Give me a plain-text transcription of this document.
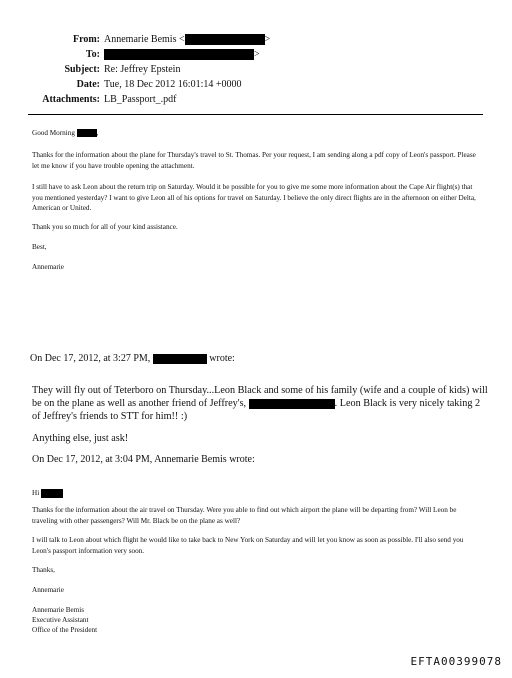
From: Annemarie Bemis <	>
To:	>
Subject: Re: Jeffrey Epstein
Date: Tue, 18 Dec 2012 16:01:14 +0000
Attachments: LB_Passport_.pdf
Good Morning	,
Thanks for the information about the plane for Thursday's travel to St. Thomas. Per your request, I am sending along a pdf copy of Leon's passport. Please let me know if you have trouble opening the attachment.
I still have to ask Leon about the return trip on Saturday. Would it be possible for you to give me some more information about the Cape Air flight(s) that you mentioned yesterday? I want to give Leon all of his options for travel on Saturday. I believe the only direct flights are in the afternoon on either Delta, American or United.
Thank you so much for all of your kind assistance.
Best,
Annemarie
On Dec 17, 2012, at 3:27 PM,	wrote:
They will fly out of Teterboro on Thursday...Leon Black and some of his family (wife and a couple of kids) will
be on the plane as well as another friend of Jeffrey's,	. Leon Black is very nicely taking 2
of Jeffrey's friends to STT for him!! :)
Anything else, just ask!
On Dec 17, 2012, at 3:04 PM, Annemarie Bemis wrote:
Hi
Thanks for the information about the air travel on Thursday. Were you able to find out which airport the plane will be departing from? Will Leon be traveling with other passengers? Will Mr. Black be on the plane as well?
I will talk to Leon about which flight he would like to take back to New York on Saturday and will let you know as soon as possible. I'll also send you Leon's passport information very soon.
Thanks,
Annemarie
Annemarie Bemis
Executive Assistant
Office of the President
EFTA00399078
